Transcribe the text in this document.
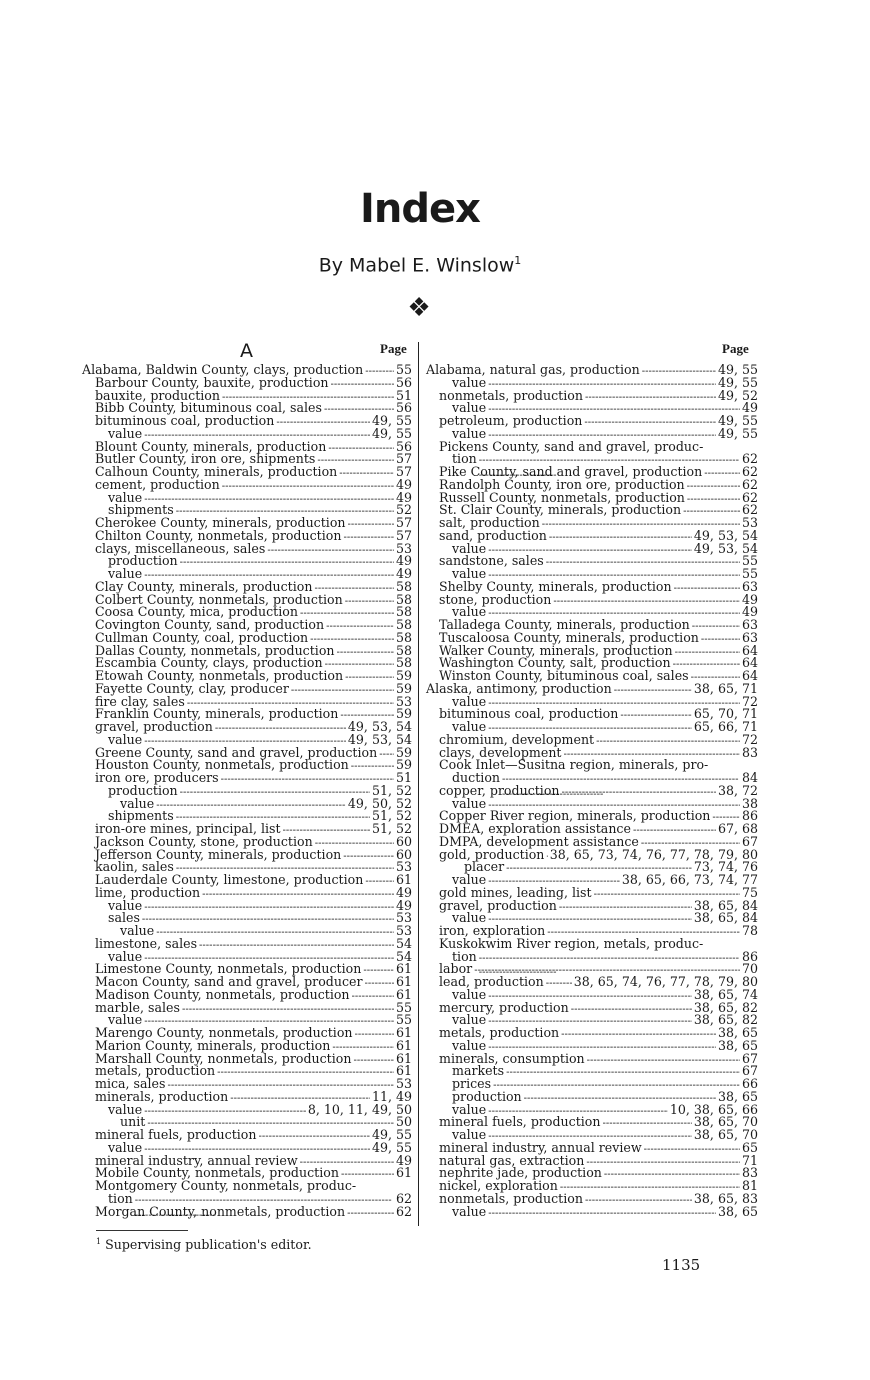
Index
By Mabel E. Winslow$^1$
❖
A	Page	Page
Alabama, Baldwin County, clays, production -----	55
Barbour County, bauxite, production -----	56
bauxite, production -----	51
Bibb County, bituminous coal, sales -----	56
bituminous coal, production -----	49, 55
value -----	49, 55
Blount County, minerals, production -----	56
Butler County, iron ore, shipments -----	57
Calhoun County, minerals, production -----	57
cement, production -----	49
value -----	49
shipments -----	52
Cherokee County, minerals, production -----	57
Chilton County, nonmetals, production -----	57
clays, miscellaneous, sales -----	53
production -----	49
value -----	49
Clay County, minerals, production -----	58
Colbert County, nonmetals, production -----	58
Coosa County, mica, production -----	58
Covington County, sand, production -----	58
Cullman County, coal, production -----	58
Dallas County, nonmetals, production -----	58
Escambia County, clays, production -----	58
Etowah County, nonmetals, production -----	59
Fayette County, clay, producer -----	59
fire clay, sales -----	53
Franklin County, minerals, production -----	59
gravel, production -----	49, 53, 54
value -----	49, 53, 54
Greene County, sand and gravel, production ----- 59
Houston County, nonmetals, production -----	59
iron ore, producers -----	51
production -----	51, 52
value -----	49, 50, 52
shipments -----	51, 52
iron-ore mines, principal, list -----	51, 52
Jackson County, stone, production -----	60
Jefferson County, minerals, production -----	60
kaolin, sales -----	53
Lauderdale County, limestone, production -----	61
lime, production -----	49
value -----	49
sales -----	53
value -----	53
limestone, sales -----	54
value -----	54
Limestone County, nonmetals, production -----	61
Macon County, sand and gravel, producer -----	61
Madison County, nonmetals, production -----	61
marble, sales -----	55
value -----	55
Marengo County, nonmetals, production -----	61
Marion County, minerals, production -----	61
Marshall County, nonmetals, production -----	61
metals, production -----	61
mica, sales -----	53
minerals, production -----	11, 49
value -----	8, 10, 11, 49, 50
unit -----	50
mineral fuels, production -----	49, 55
value -----	49, 55
mineral industry, annual review -----	49
Mobile County, nonmetals, production -----	61
Montgomery County, nonmetals, produc-
tion -----	62
Morgan County, nonmetals, production -----	62
Alabama, natural gas, production -----	49, 55
value -----	49, 55
nonmetals, production -----	49, 52
value -----	49
petroleum, production -----	49, 55
value -----	49, 55
Pickens County, sand and gravel, produc-
tion -----	62
Pike County, sand and gravel, production -----	62
Randolph County, iron ore, production -----	62
Russell County, nonmetals, production -----	62
St. Clair County, minerals, production -----	62
salt, production -----	53
sand, production -----	49, 53, 54
value -----	49, 53, 54
sandstone, sales -----	55
value -----	55
Shelby County, minerals, production -----	63
stone, production -----	49
value -----	49
Talladega County, minerals, production -----	63
Tuscaloosa County, minerals, production -----	63
Walker County, minerals, production -----	64
Washington County, salt, production -----	64
Winston County, bituminous coal, sales -----	64
Alaska, antimony, production -----	38, 65, 71
value -----	72
bituminous coal, production -----	65, 70, 71
value -----	65, 66, 71
chromium, development -----	72
clays, development -----	83
Cook Inlet—Susitna region, minerals, pro-
duction -----	84
copper, production -----	38, 72
value -----	38
Copper River region, minerals, production -----	86
DMEA, exploration assistance -----	67, 68
DMPA, development assistance -----	67
gold, production ----- 38, 65, 73, 74, 76, 77, 78, 79, 80
placer -----	73, 74, 76
value -----	38, 65, 66, 73, 74, 77
gold mines, leading, list -----	75
gravel, production -----	38, 65, 84
value -----	38, 65, 84
iron, exploration -----	78
Kuskokwim River region, metals, produc-
tion -----	86
labor -----	70
lead, production ----- 38, 65, 74, 76, 77, 78, 79, 80
value -----	38, 65, 74
mercury, production -----	38, 65, 82
value -----	38, 65, 82
metals, production -----	38, 65
value -----	38, 65
minerals, consumption -----	67
markets -----	67
prices -----	66
production -----	38, 65
value -----	10, 38, 65, 66
mineral fuels, production -----	38, 65, 70
value -----	38, 65, 70
mineral industry, annual review -----	65
natural gas, extraction -----	71
nephrite jade, production -----	83
nickel, exploration -----	81
nonmetals, production -----	38, 65, 83
value -----	38, 65
$^1$ Supervising publication's editor.
1135
